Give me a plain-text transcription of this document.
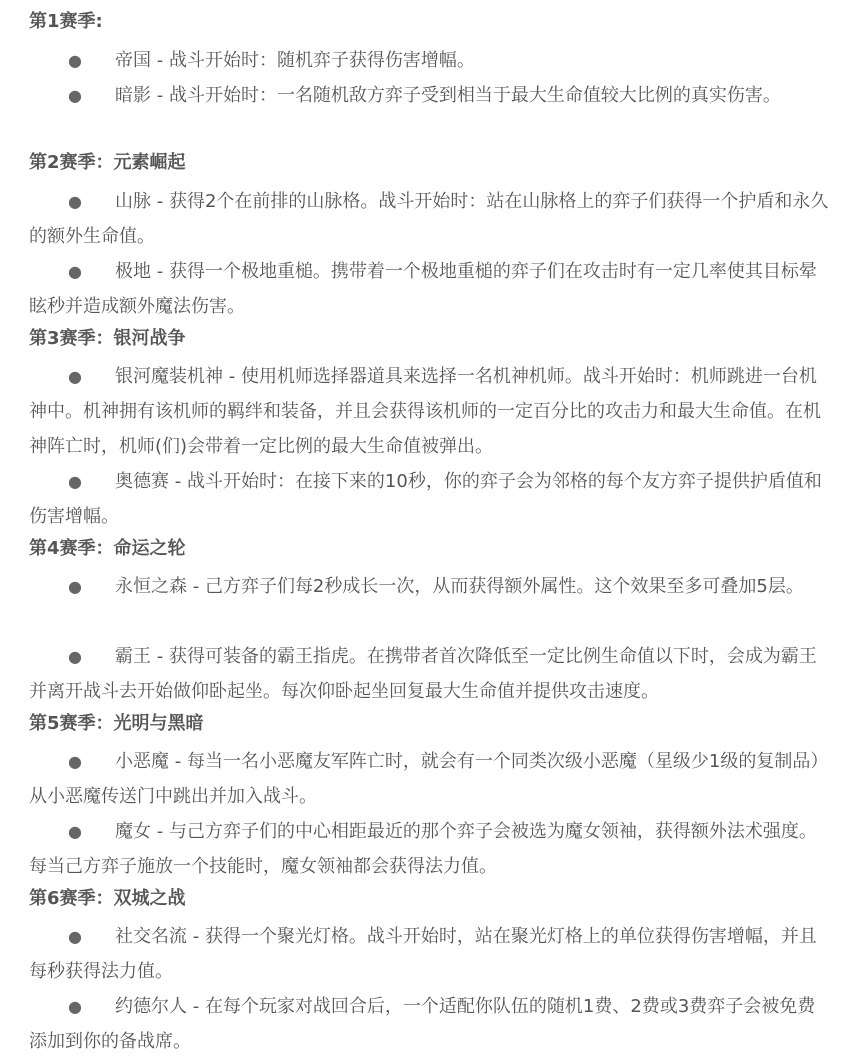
第1赛季:
●	帝国 - 战斗开始时：随机弈子获得伤害增幅。

●	暗影 - 战斗开始时：一名随机敌方弈子受到相当于最大生命值较大比例的真实伤害。

第2赛季：元素崛起
●	山脉 - 获得2个在前排的山脉格。战斗开始时：站在山脉格上的弈子们获得一个护盾和永久的额外生命值。

●	极地 - 获得一个极地重槌。携带着一个极地重槌的弈子们在攻击时有一定几率使其目标晕眩秒并造成额外魔法伤害。

第3赛季：银河战争
●	银河魔装机神 - 使用机师选择器道具来选择一名机神机师。战斗开始时：机师跳进一台机神中。机神拥有该机师的羁绊和装备，并且会获得该机师的一定百分比的攻击力和最大生命值。在机神阵亡时，机师(们)会带着一定比例的最大生命值被弹出。

●	奥德赛 - 战斗开始时：在接下来的10秒，你的弈子会为邻格的每个友方弈子提供护盾值和伤害增幅。

第4赛季：命运之轮
●	永恒之森 - 己方弈子们每2秒成长一次，从而获得额外属性。这个效果至多可叠加5层。

●	霸王 - 获得可装备的霸王指虎。在携带者首次降低至一定比例生命值以下时，会成为霸王并离开战斗去开始做仰卧起坐。每次仰卧起坐回复最大生命值并提供攻击速度。

第5赛季：光明与黑暗
●	小恶魔 - 每当一名小恶魔友军阵亡时，就会有一个同类次级小恶魔（星级少1级的复制品）从小恶魔传送门中跳出并加入战斗。

●	魔女 - 与己方弈子们的中心相距最近的那个弈子会被选为魔女领袖，获得额外法术强度。每当己方弈子施放一个技能时，魔女领袖都会获得法力值。

第6赛季：双城之战
●	社交名流 - 获得一个聚光灯格。战斗开始时，站在聚光灯格上的单位获得伤害增幅，并且每秒获得法力值。

●	约德尔人 - 在每个玩家对战回合后，一个适配你队伍的随机1费、2费或3费弈子会被免费添加到你的备战席。
